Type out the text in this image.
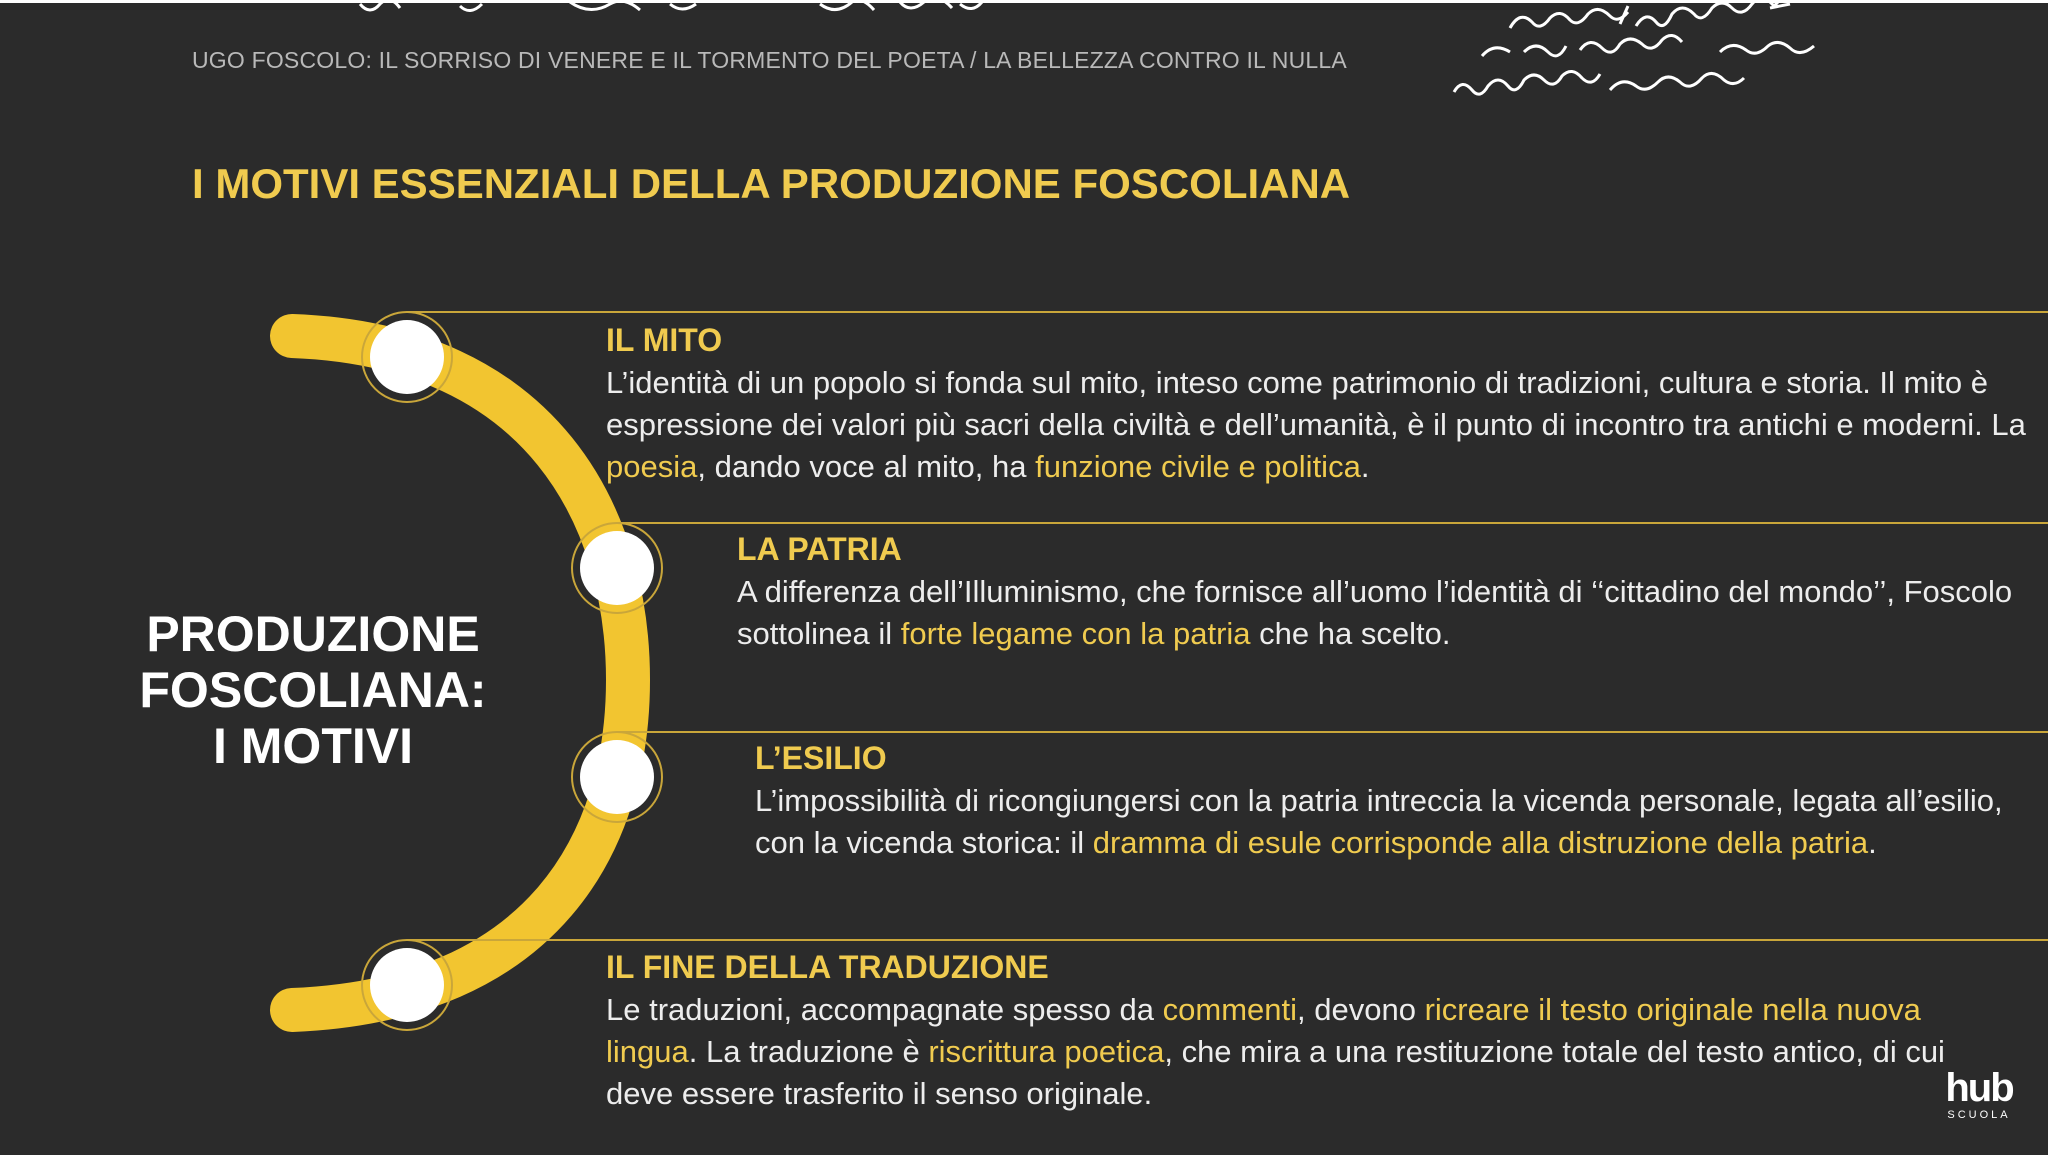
UGO FOSCOLO: IL SORRISO DI VENERE E IL TORMENTO DEL POETA / LA BELLEZZA CONTRO IL NULLA
I MOTIVI ESSENZIALI DELLA PRODUZIONE FOSCOLIANA
PRODUZIONE
FOSCOLIANA:
I MOTIVI
IL MITO
L’identità di un popolo si fonda sul mito, inteso come patrimonio di tradizioni, cultura e storia. Il mito è espressione dei valori più sacri della civiltà e dell’umanità, è il punto di incontro tra antichi e moderni. La poesia, dando voce al mito, ha funzione civile e politica.
LA PATRIA
A differenza dell’Illuminismo, che fornisce all’uomo l’identità di ‘‘cittadino del mondo’’, Foscolo sottolinea il forte legame con la patria che ha scelto.
L’ESILIO
L’impossibilità di ricongiungersi con la patria intreccia la vicenda personale, legata all’esilio, con la vicenda storica: il dramma di esule corrisponde alla distruzione della patria.
IL FINE DELLA TRADUZIONE
Le traduzioni, accompagnate spesso da commenti, devono ricreare il testo originale nella nuova lingua. La traduzione è riscrittura poetica, che mira a una restituzione totale del testo antico, di cui deve essere trasferito il senso originale.	hub
SCUOLA
